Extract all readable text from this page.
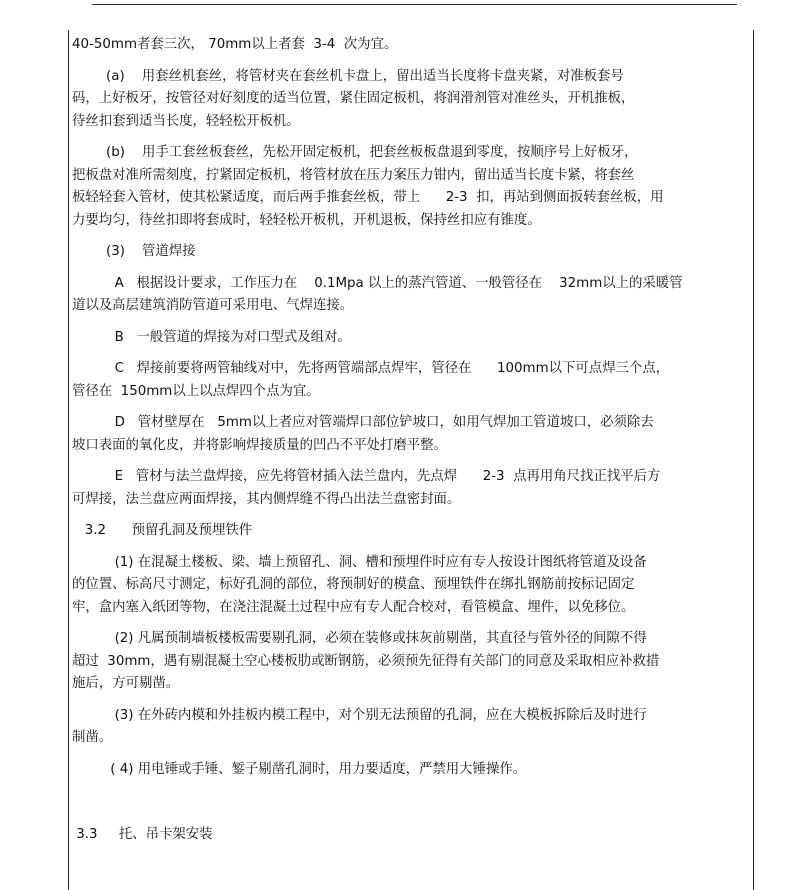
40-50mm者套三次， 70mm以上者套  3-4  次为宜。
(a)    用套丝机套丝，将管材夹在套丝机卡盘上，留出适当长度将卡盘夹紧，对准板套号
码，上好板牙，按管径对好刻度的适当位置，紧住固定板机，将润滑剂管对准丝头，开机推板，
待丝扣套到适当长度，轻轻松开板机。
(b)    用手工套丝板套丝，先松开固定板机，把套丝板板盘退到零度，按顺序号上好板牙，
把板盘对准所需刻度，拧紧固定板机，将管材放在压力案压力钳内，留出适当长度卡紧，将套丝
板轻轻套入管材，使其松紧适度，而后两手推套丝板，带上      2-3  扣，再站到侧面扳转套丝板，用
力要均匀，待丝扣即将套成时，轻轻松开板机，开机退板，保持丝扣应有锥度。
(3)    管道焊接
A   根据设计要求，工作压力在    0.1Mpa 以上的蒸汽管道、一般管径在    32mm以上的采暖管
道以及高层建筑消防管道可采用电、气焊连接。
B   一般管道的焊接为对口型式及组对。
C   焊接前要将两管轴线对中，先将两管端部点焊牢，管径在      100mm以下可点焊三个点，
管径在  150mm以上以点焊四个点为宜。
D   管材壁厚在   5mm以上者应对管端焊口部位铲坡口，如用气焊加工管道坡口，必须除去
坡口表面的氧化皮，并将影响焊接质量的凹凸不平处打磨平整。
E   管材与法兰盘焊接，应先将管材插入法兰盘内，先点焊      2-3  点再用角尺找正找平后方
可焊接，法兰盘应两面焊接，其内侧焊缝不得凸出法兰盘密封面。
3.2      预留孔洞及预埋铁件
(1) 在混凝土楼板、梁、墙上预留孔、洞、槽和预埋件时应有专人按设计图纸将管道及设备
的位置、标高尺寸测定，标好孔洞的部位，将预制好的模盒、预埋铁件在绑扎钢筋前按标记固定
牢，盒内塞入纸团等物，在浇注混凝土过程中应有专人配合校对，看管模盒、埋件，以免移位。
(2) 凡属预制墙板楼板需要剔孔洞，必须在装修或抹灰前剔凿，其直径与管外径的间隙不得
超过  30mm，遇有剔混凝土空心楼板肋或断钢筋，必须预先征得有关部门的同意及采取相应补救措
施后，方可剔凿。
(3) 在外砖内模和外挂板内模工程中，对个别无法预留的孔洞，应在大模板拆除后及时进行
制凿。
( 4) 用电锤或手锤、錾子剔凿孔洞时，用力要适度，严禁用大锤操作。
3.3     托、吊卡架安装
